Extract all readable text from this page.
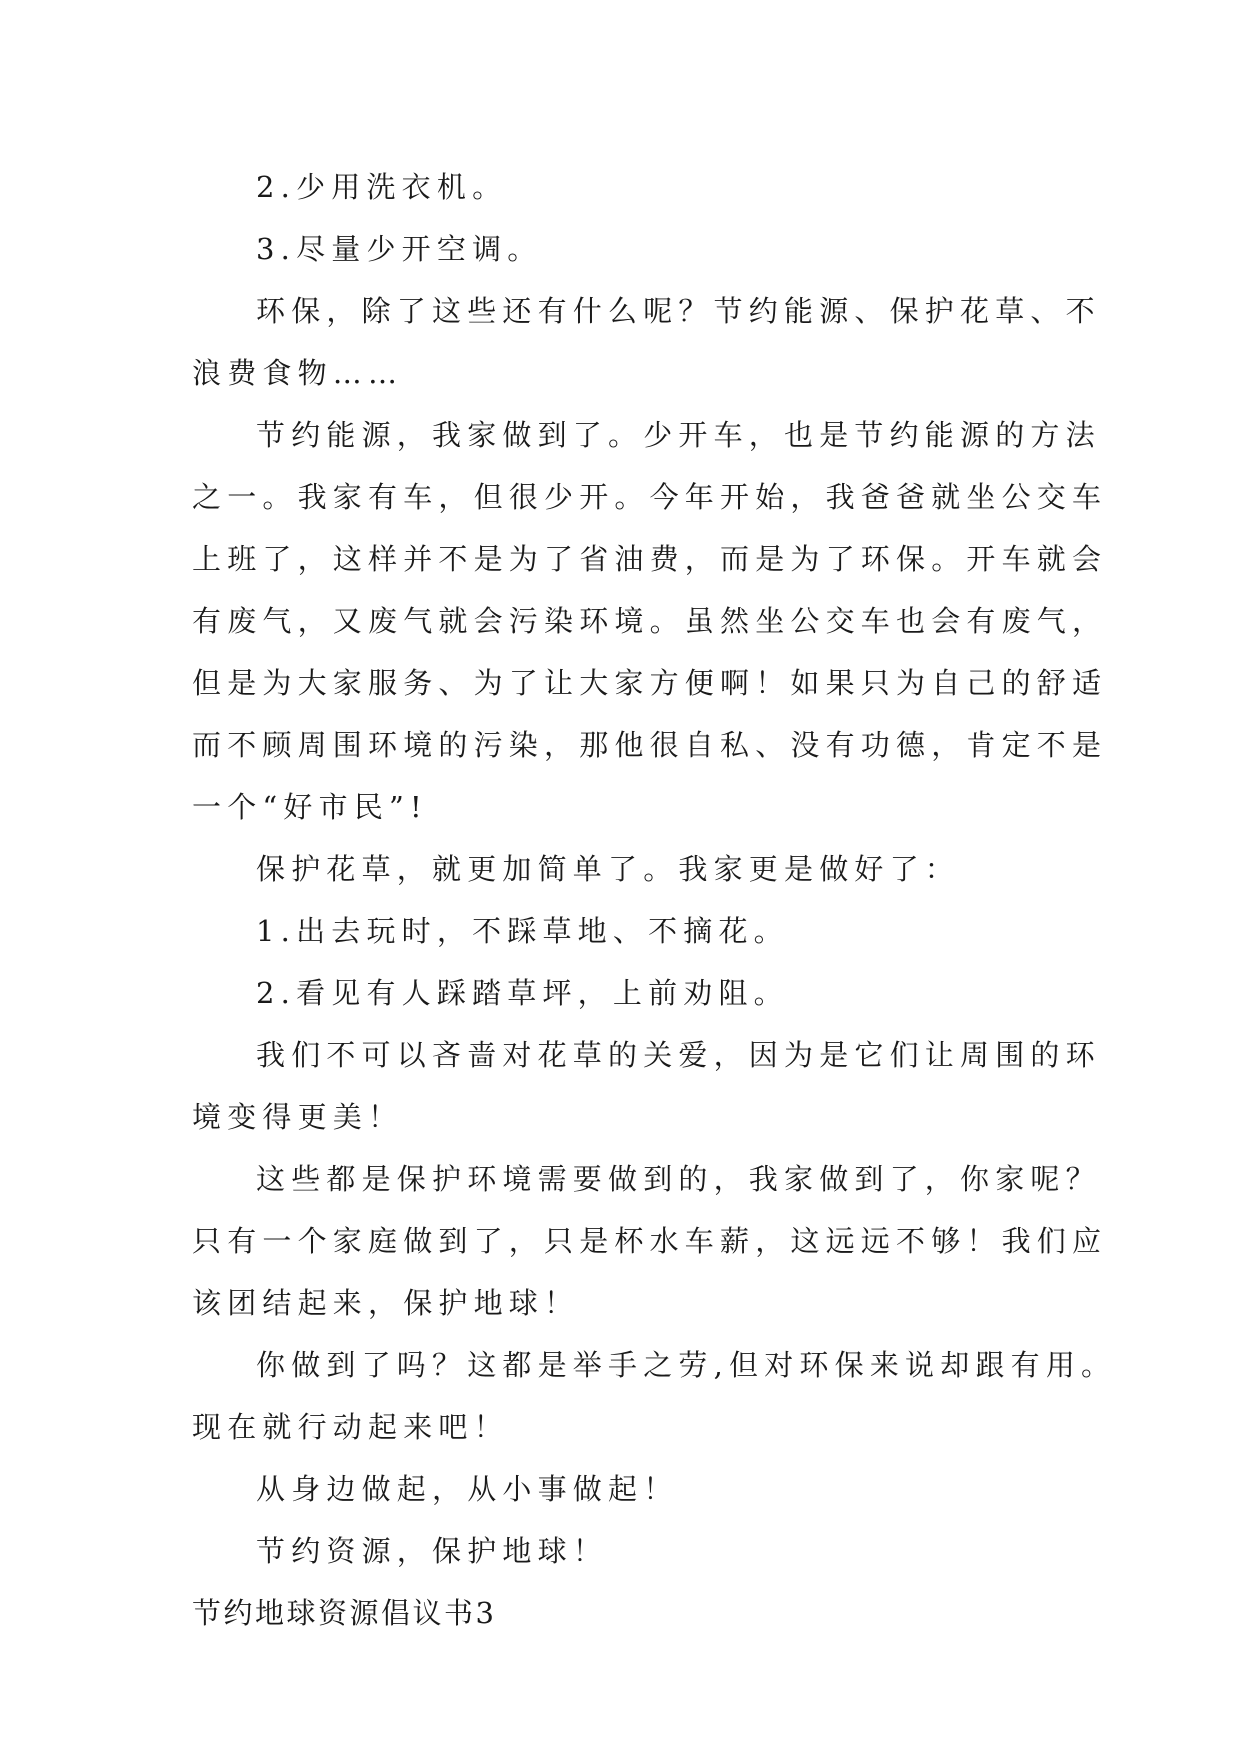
2.少用洗衣机。
3.尽量少开空调。
环保，除了这些还有什么呢？节约能源、保护花草、不
浪费食物……
节约能源，我家做到了。少开车，也是节约能源的方法
之一。我家有车，但很少开。今年开始，我爸爸就坐公交车
上班了，这样并不是为了省油费，而是为了环保。开车就会
有废气，又废气就会污染环境。虽然坐公交车也会有废气，
但是为大家服务、为了让大家方便啊！如果只为自己的舒适
而不顾周围环境的污染，那他很自私、没有功德，肯定不是
一个“好市民”!
保护花草，就更加简单了。我家更是做好了：
1.出去玩时，不踩草地、不摘花。
2.看见有人踩踏草坪，上前劝阻。
我们不可以吝啬对花草的关爱，因为是它们让周围的环
境变得更美！
这些都是保护环境需要做到的，我家做到了，你家呢？
只有一个家庭做到了，只是杯水车薪，这远远不够！我们应
该团结起来，保护地球！
你做到了吗？这都是举手之劳,但对环保来说却跟有用。
现在就行动起来吧！
从身边做起，从小事做起！
节约资源，保护地球！
节约地球资源倡议书3
